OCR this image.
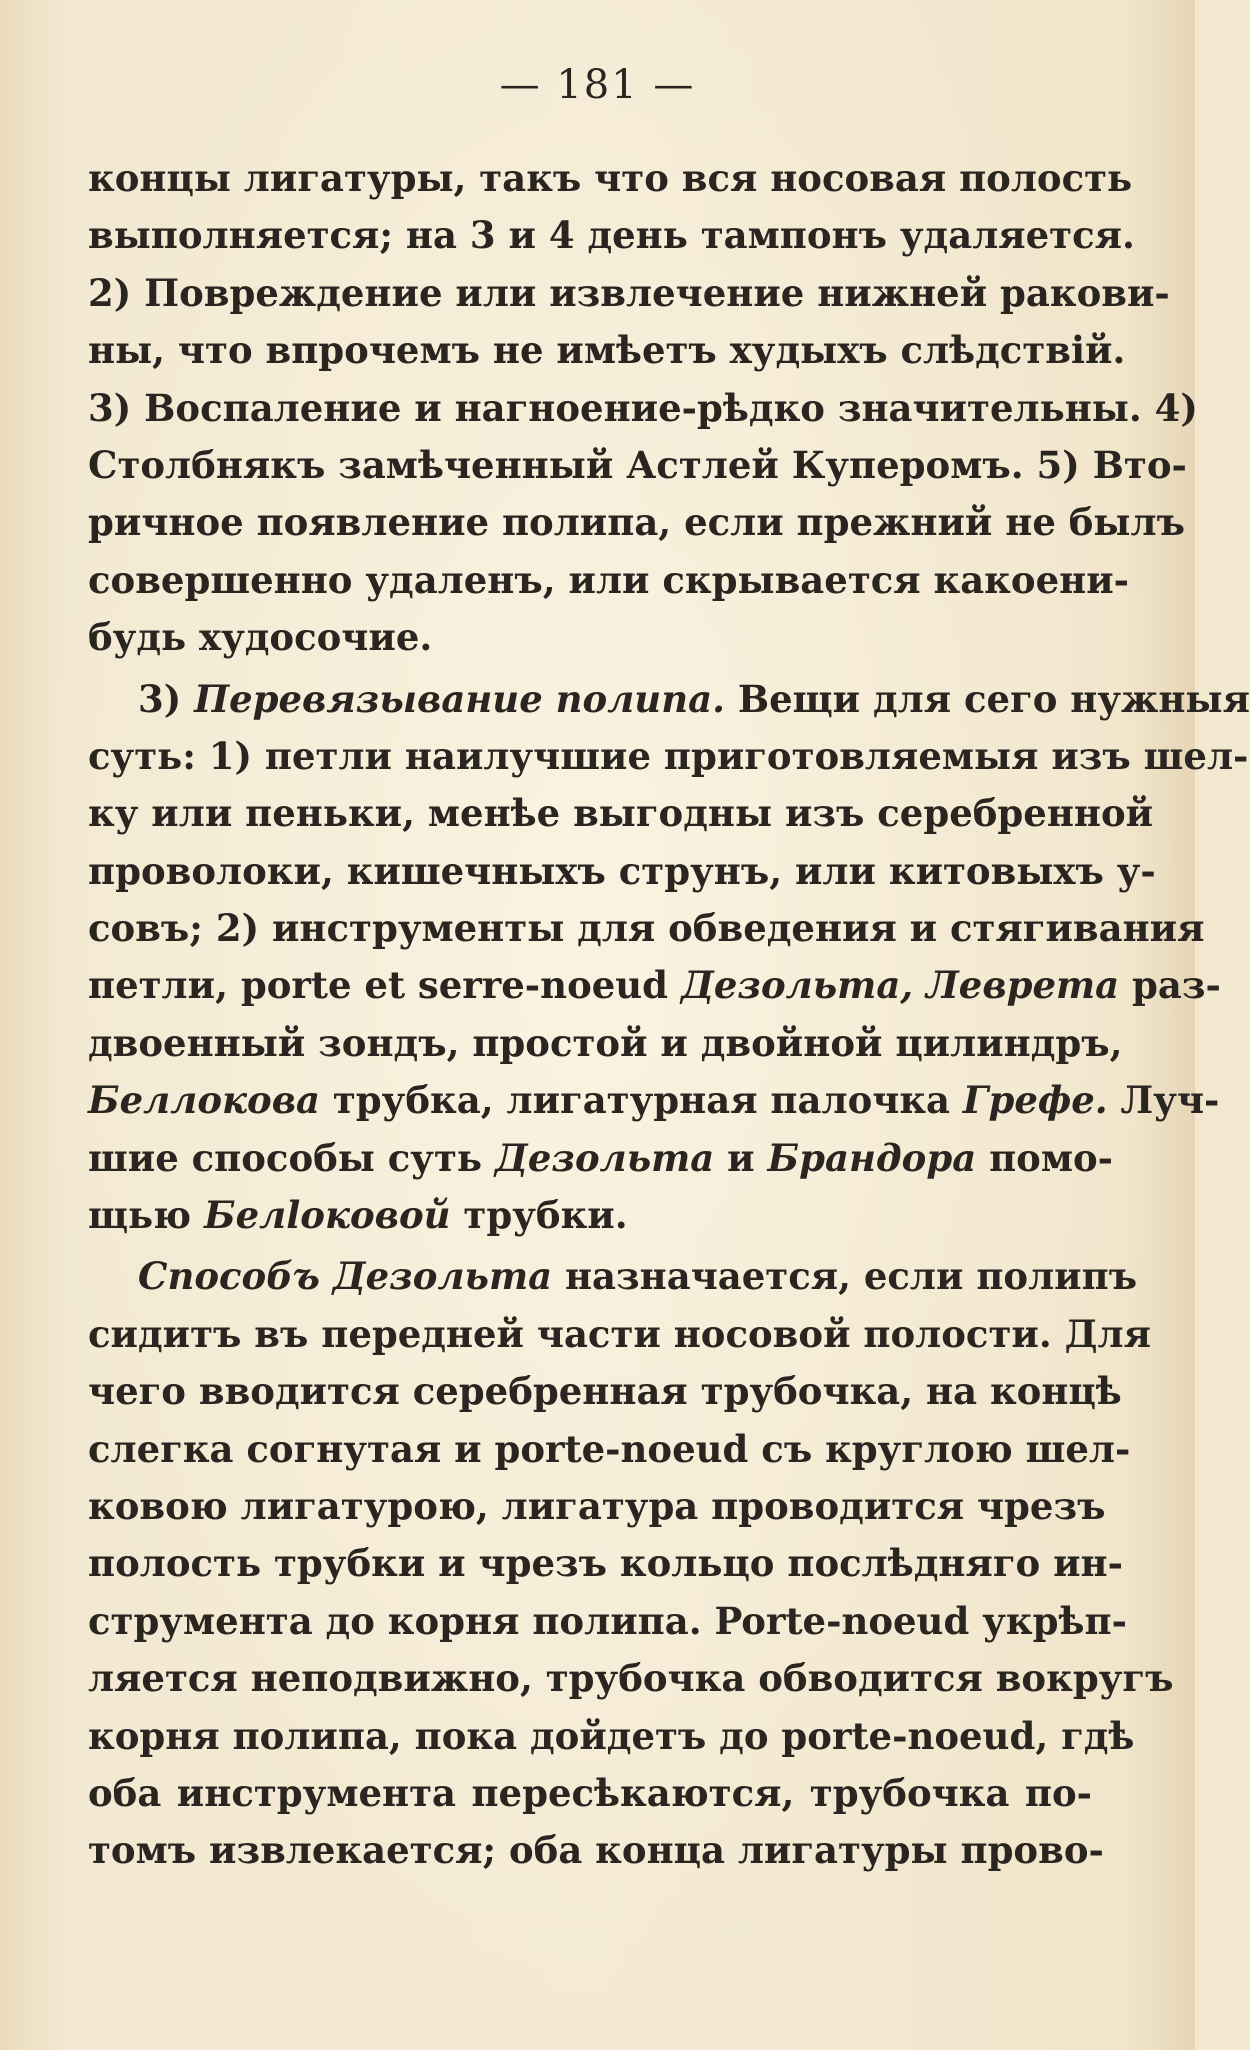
— 181 —
концы лигатуры, такъ что вся носовая полость
выполняется; на 3 и 4 день тампонъ удаляется.
2) Повреждение или извлечение нижней ракови-
ны, что впрочемъ не имѣетъ худыхъ слѣдствій.
3) Воспаление и нагноение-рѣдко значительны. 4)
Столбнякъ замѣченный Астлей Куперомъ. 5) Вто-
ричное появление полипа, если прежний не былъ
совершенно удаленъ, или скрывается какоени-
будь худосочие.
3) Перевязывание полипа. Вещи для сего нужныя
суть: 1) петли наилучшие приготовляемыя изъ шел-
ку или пеньки, менѣе выгодны изъ серебренной
проволоки, кишечныхъ струнъ, или китовыхъ у-
совъ; 2) инструменты для обведения и стягивания
петли, porte et serre-noeud Дезольта, Леврета раз-
двоенный зондъ, простой и двойной цилиндръ,
Беллокова трубка, лигатурная палочка Грефе. Луч-
шие способы суть Дезольта и Брандора помо-
щью Белloковой трубки.
Способъ Дезольта назначается, если полипъ
сидитъ въ передней части носовой полости. Для
чего вводится серебренная трубочка, на концѣ
слегка согнутая и porte-noeud съ круглою шел-
ковою лигатурою, лигатура проводится чрезъ
полость трубки и чрезъ кольцо послѣдняго ин-
струмента до корня полипа. Porte-noeud укрѣп-
ляется неподвижно, трубочка обводится вокругъ
корня полипа, пока дойдетъ до porte-noeud, гдѣ
оба инструмента пересѣкаются, трубочка по-
томъ извлекается; оба конца лигатуры прово-
